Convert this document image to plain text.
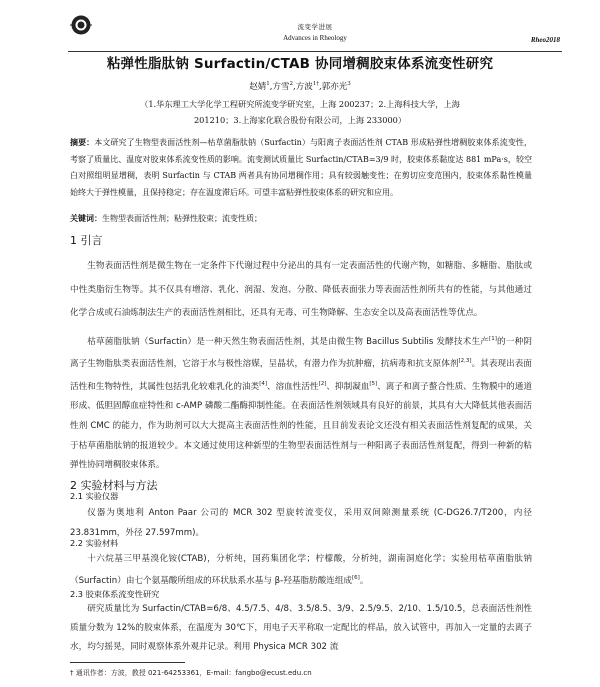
流变学进展
Advances in Rheology	Rheo2018
粘弹性脂肽钠 Surfactin/CTAB 协同增稠胶束体系流变性研究
赵婧$^1$,方雪$^2$,方波$^{1\dagger}$,郭亦光$^3$
（1.华东理工大学化学工程研究所流变学研究室，上海 200237；2.上海科技大学，上海
201210；3.上海家化联合股份有限公司，上海 233000）
摘要：本文研究了生物型表面活性剂—枯草菌脂肽钠（Surfactin）与阳离子表面活性剂 CTAB 形成粘弹性增稠胶束体系流变性，考察了质量比、温度对胶束体系流变性质的影响。流变测试质量比 Surfactin/CTAB=3/9 时，胶束体系黏度达 881 mPa·s，较空白对照组明显增稠，表明 Surfactin 与 CTAB 两者具有协同增稠作用；具有较弱触变性；在剪切应变范围内，胶束体系黏性模量始终大于弹性模量，且保持稳定；存在温度滞后环。可望丰富粘弹性胶束体系的研究和应用。
关键词：生物型表面活性剂；粘弹性胶束；流变性质；
1 引言
生物表面活性剂是微生物在一定条件下代谢过程中分泌出的具有一定表面活性的代谢产物，如糖脂、多糖脂、脂肽或中性类脂衍生物等。其不仅具有增溶、乳化、润湿、发泡、分散、降低表面张力等表面活性剂所共有的性能，与其他通过化学合成或石油炼制法生产的表面活性剂相比，还具有无毒、可生物降解、生态安全以及高表面活性等优点。
枯草菌脂肽钠（Surfactin）是一种天然生物表面活性剂，其是由微生物 Bacillus Subtilis 发酵技术生产[1]的一种阴离子生物脂肽类表面活性剂，它溶于水与极性溶媒，呈晶状，有潜力作为抗肿瘤，抗病毒和抗支原体剂[2,3]。其表现出表面活性和生物特性，其属性包括乳化较难乳化的油类[4]、溶血性活性[2]、抑制凝血[5]、离子和离子螯合性质、生物膜中的通道形成、低胆固醇血症特性和 c-AMP 磷酸二酯酶抑制性能。在表面活性剂领域具有良好的前景，其具有大大降低其他表面活性剂 CMC 的能力，作为助剂可以大大提高主表面活性剂的性能，且目前发表论文还没有相关表面活性剂复配的成果，关于枯草菌脂肽钠的报道较少。本文通过使用这种新型的生物型表面活性剂与一种阳离子表面活性剂复配，得到一种新的粘弹性协同增稠胶束体系。
2 实验材料与方法
2.1 实验仪器
仪器为奥地利 Anton Paar 公司的 MCR 302 型旋转流变仪，采用双间隙测量系统 (C-DG26.7/T200，内径23.831mm，外径 27.597mm)。
2.2 实验材料
十六烷基三甲基溴化铵(CTAB)，分析纯，国药集团化学；柠檬酸，分析纯，湖南洞庭化学；实验用枯草菌脂肽钠（Surfactin）由七个氨基酸所组成的环状肽系水基与 β-羟基脂肪酸连组成[6]。
2.3 胶束体系流变性研究
研究质量比为 Surfactin/CTAB=6/8、4.5/7.5、4/8、3.5/8.5、3/9、2.5/9.5、2/10、1.5/10.5，总表面活性剂性质量分数为 12%的胶束体系，在温度为 30℃下，用电子天平称取一定配比的样品，放入试管中，再加入一定量的去离子水，均匀摇晃，同时观察体系外观并记录。利用 Physica MCR 302 流
† 通讯作者：方波，教授 021-64253361，E-mail：fangbo@ecust.edu.cn
